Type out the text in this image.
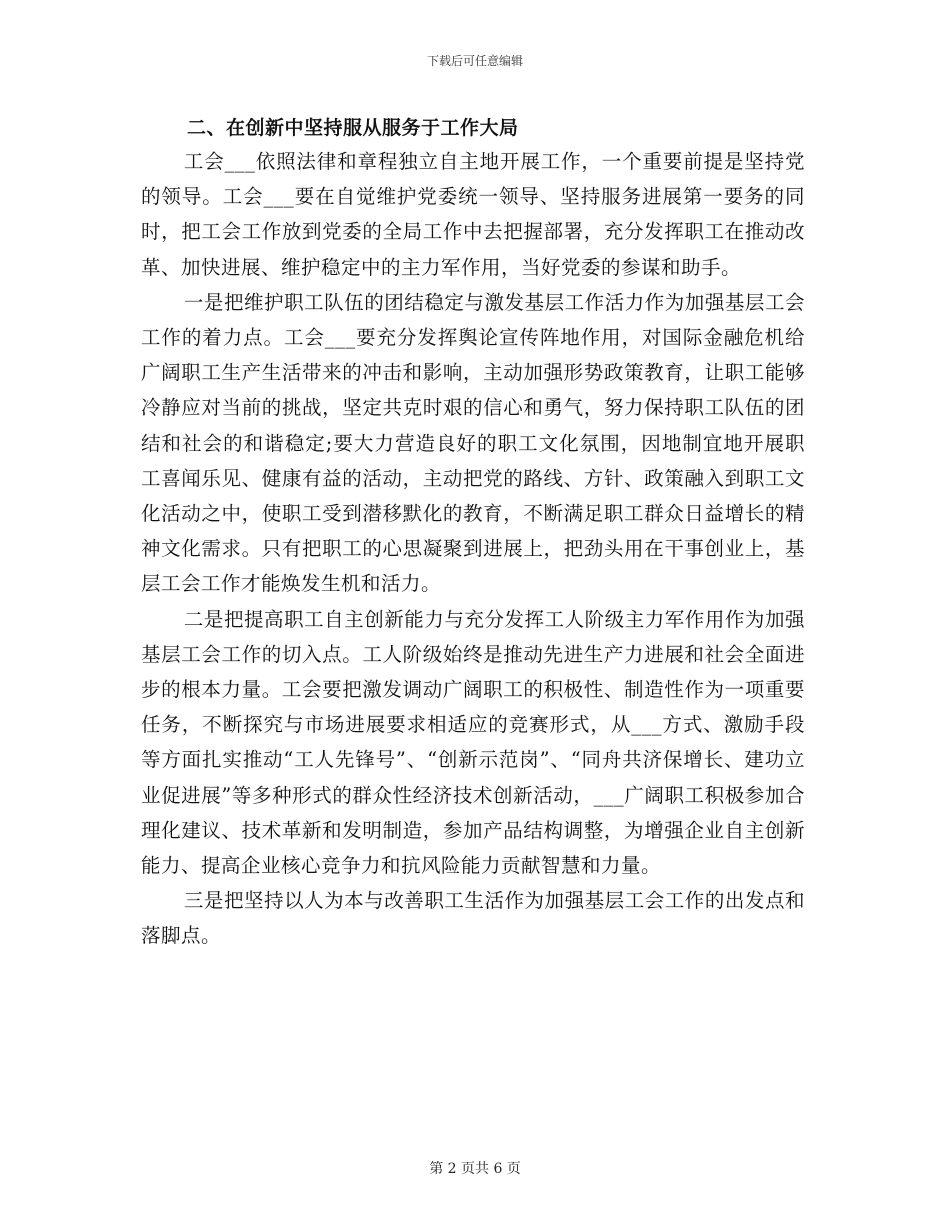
下载后可任意编辑

二、在创新中坚持服从服务于工作大局

工会___依照法律和章程独立自主地开展工作，一个重要前提是坚持党的领导。工会___要在自觉维护党委统一领导、坚持服务进展第一要务的同时，把工会工作放到党委的全局工作中去把握部署，充分发挥职工在推动改革、加快进展、维护稳定中的主力军作用，当好党委的参谋和助手。

一是把维护职工队伍的团结稳定与激发基层工作活力作为加强基层工会工作的着力点。工会___要充分发挥舆论宣传阵地作用，对国际金融危机给广阔职工生产生活带来的冲击和影响，主动加强形势政策教育，让职工能够冷静应对当前的挑战，坚定共克时艰的信心和勇气，努力保持职工队伍的团结和社会的和谐稳定;要大力营造良好的职工文化氛围，因地制宜地开展职工喜闻乐见、健康有益的活动，主动把党的路线、方针、政策融入到职工文化活动之中，使职工受到潜移默化的教育，不断满足职工群众日益增长的精神文化需求。只有把职工的心思凝聚到进展上，把劲头用在干事创业上，基层工会工作才能焕发生机和活力。

二是把提高职工自主创新能力与充分发挥工人阶级主力军作用作为加强基层工会工作的切入点。工人阶级始终是推动先进生产力进展和社会全面进步的根本力量。工会要把激发调动广阔职工的积极性、制造性作为一项重要任务，不断探究与市场进展要求相适应的竞赛形式，从___方式、激励手段等方面扎实推动“工人先锋号”、“创新示范岗”、“同舟共济保增长、建功立业促进展”等多种形式的群众性经济技术创新活动，___广阔职工积极参加合理化建议、技术革新和发明制造，参加产品结构调整，为增强企业自主创新能力、提高企业核心竞争力和抗风险能力贡献智慧和力量。

三是把坚持以人为本与改善职工生活作为加强基层工会工作的出发点和落脚点。

第 2 页共 6 页
